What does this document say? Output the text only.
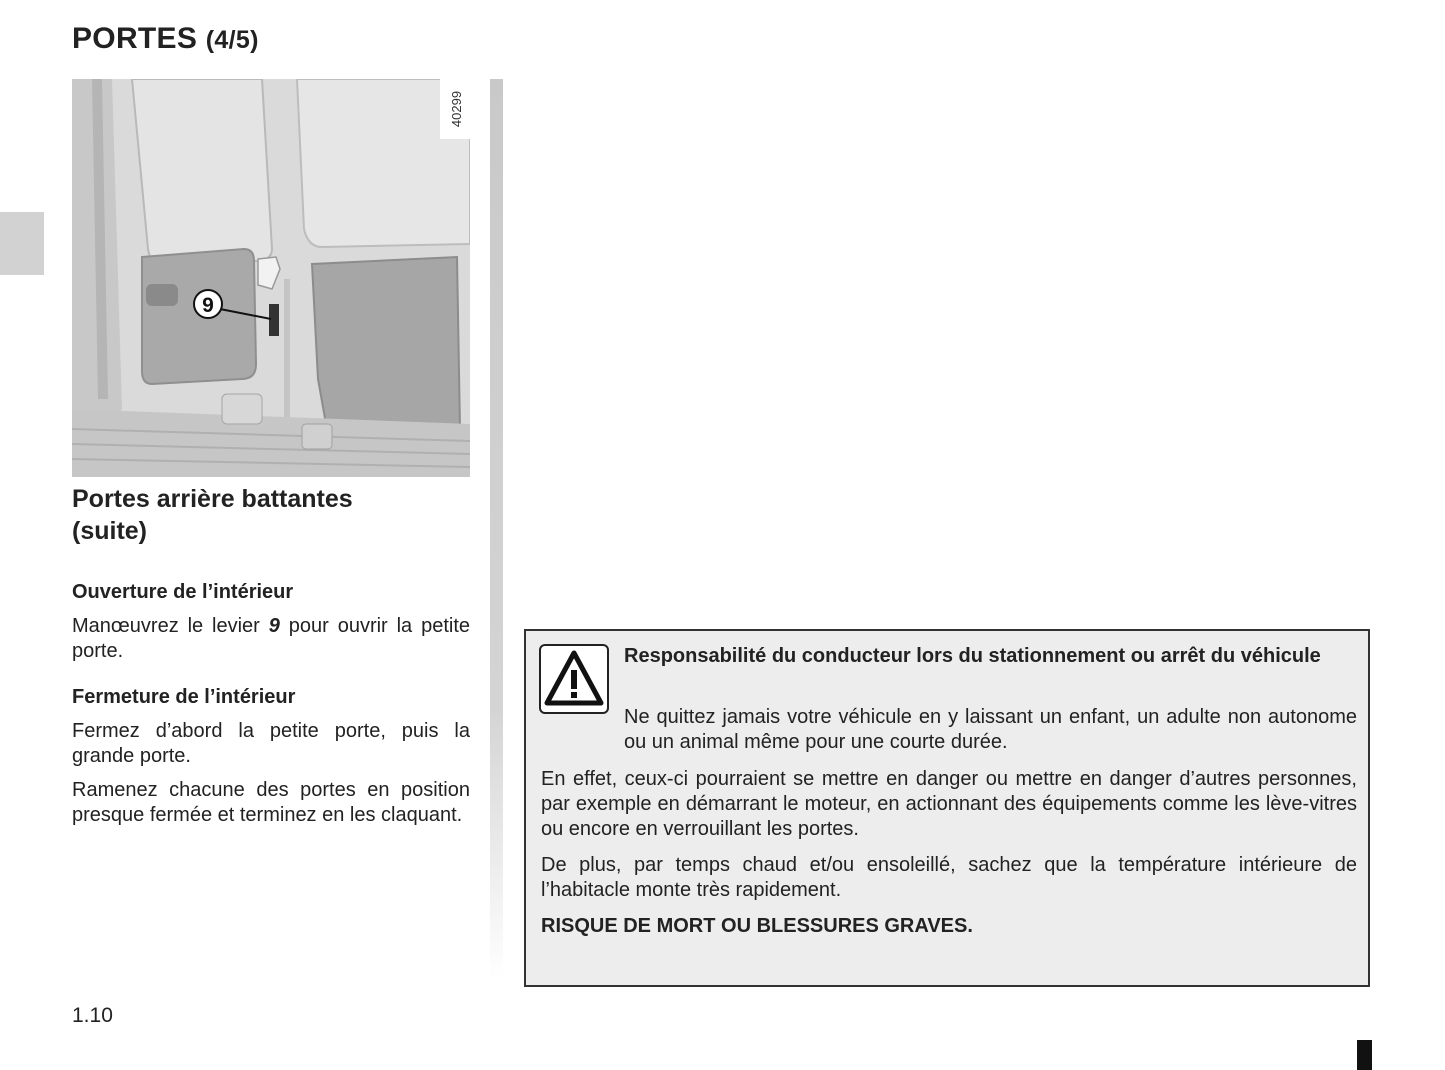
PORTES (4/5)
40299
9
Portes arrière battantes
(suite)
Ouverture de l’intérieur
Manœuvrez le levier 9 pour ouvrir la petite porte.
Fermeture de l’intérieur
Fermez d’abord la petite porte, puis la grande porte.
Ramenez chacune des portes en position presque fermée et terminez en les claquant.
Responsabilité du conducteur lors du stationnement ou arrêt du véhicule
Ne quittez jamais votre véhicule en y laissant un enfant, un adulte non autonome ou un animal même pour une courte durée.
En effet, ceux-ci pourraient se mettre en danger ou mettre en danger d’autres personnes, par exemple en démarrant le moteur, en actionnant des équipements comme les lève-vitres ou encore en verrouillant les portes.
De plus, par temps chaud et/ou ensoleillé, sachez que la température intérieure de l’habitacle monte très rapidement.
RISQUE DE MORT OU BLESSURES GRAVES.
1.10
